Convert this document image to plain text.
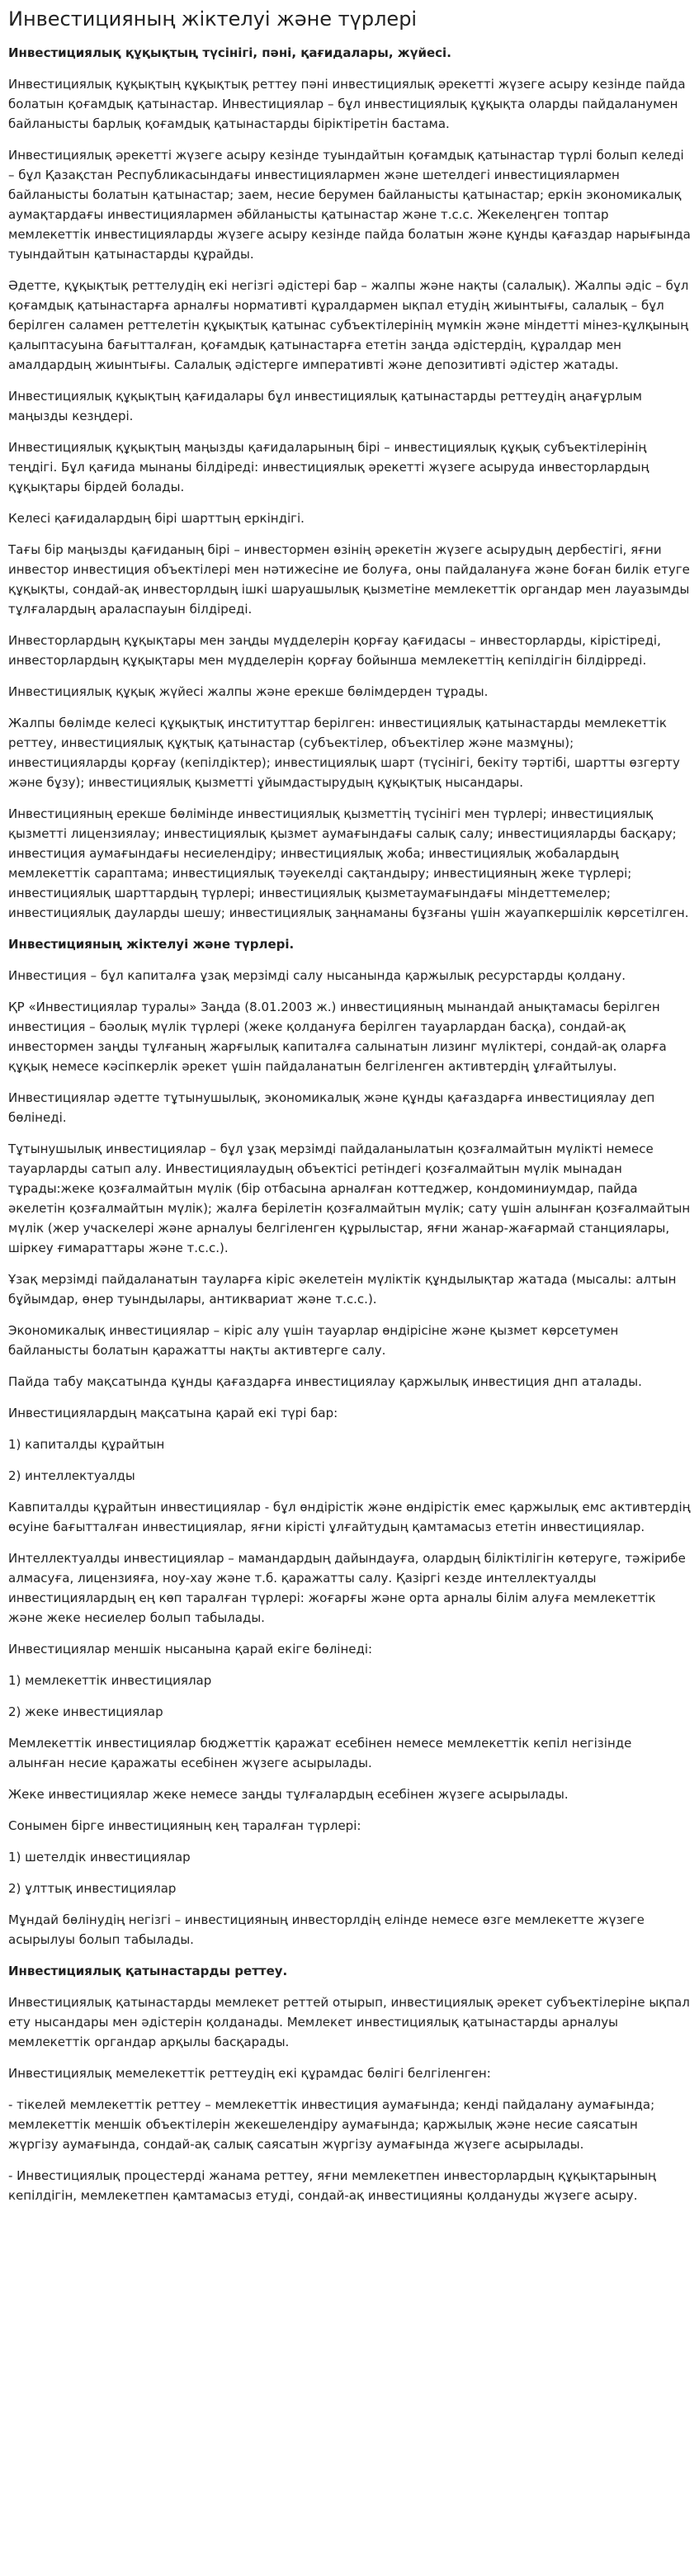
Инвестицияның жіктелуі және түрлері

Инвестициялық құқықтың түсінігі, пәні, қағидалары, жүйесі.

Инвестициялық құқықтың құқықтық реттеу пәні инвестициялық әрекетті жүзеге асыру кезінде пайда болатын қоғамдық қатынастар. Инвестициялар – бұл инвестициялық құқықта оларды пайдаланумен байланысты барлық қоғамдық қатынастарды біріктіретін бастама.

Инвестициялық әрекетті жүзеге асыру кезінде туындайтын қоғамдық қатынастар түрлі болып келеді – бұл Қазақстан Республикасындағы инвестициялармен және шетелдегі инвестициялармен байланысты болатын қатынастар; заем, несие берумен байланысты қатынастар; еркін экономикалық аумақтардағы инвестициялармен әбйланысты қатынастар және т.с.с. Жекелеңген топтар мемлекеттік инвестицияларды жүзеге асыру кезінде пайда болатын және құнды қағаздар нарығында туындайтын қатынастарды құрайды.

Әдетте, құқықтық реттелудің екі негізгі әдістері бар – жалпы және нақты (салалық). Жалпы әдіс – бұл қоғамдық қатынастарға арналғы нормативті құралдармен ықпал етудің жиынтығы, салалық – бұл берілген саламен реттелетін құқықтық қатынас субъектілерінің мүмкін және міндетті мінез-құлқының қалыптасуына бағытталған, қоғамдық қатынастарға ететін заңда әдістердің, құралдар мен амалдардың жиынтығы. Салалық әдістерге императивті және депозитивті әдістер жатады.

Инвестициялық құқықтың қағидалары бұл инвестициялық қатынастарды реттеудің аңағұрлым маңызды кезңдері.

Инвестициялық құқықтың маңызды қағидаларының бірі – инвестициялық құқық субъектілерінің теңдігі. Бұл қағида мынаны білдіреді: инвестициялық әрекетті жүзеге асыруда инвесторлардың құқықтары бірдей болады.

Келесі қағидалардың бірі шарттың еркіндігі.

Тағы бір маңызды қағиданың бірі – инвестормен өзінің әрекетін жүзеге асырудың дербестігі, яғни инвестор инвестиция объектілері мен нәтижесіне ие болуға, оны пайдалануға және боған билік етуге құқықты, сондай-ақ инвесторлдың ішкі шаруашылық қызметіне мемлекеттік органдар мен лауазымды тұлғалардың араласпауын білдіреді.

Инвесторлардың құқықтары мен заңды мүдделерін қорғау қағидасы – инвесторларды, кірістіреді, инвесторлардың құқықтары мен мүдделерін қорғау бойынша мемлекеттің кепілдігін білдірреді.

Инвестициялық құқық жүйесі жалпы және ерекше бөлімдерден тұрады.

Жалпы бөлімде келесі құқықтық институттар берілген: инвестициялық қатынастарды мемлекеттік реттеу, инвестициялық құқтық қатынастар (субъектілер, объектілер және мазмұны); инвестицияларды қорғау (кепілдіктер); инвестициялық шарт (түсінігі, бекіту тәртібі, шартты өзгерту және бұзу); инвестициялық қызметті ұйымдастырудың құқықтық нысандары.

Инвестицияның ерекше бөлімінде инвестициялық қызметтің түсінігі мен түрлері; инвестициялық қызметті лицензиялау; инвестициялық қызмет аумағындағы салық салу; инвестицияларды басқару; инвестиция аумағындағы несиелендіру; инвестициялық жоба; инвестициялық жобалардың мемлекеттік сараптама; инвестициялық тәуекелді сақтандыру; инвестицияның жеке түрлері; инвестициялық шарттардың түрлері; инвестициялық қызметаумағындағы міндеттемелер; инвестициялық дауларды шешу; инвестициялық заңнаманы бұзғаны үшін жауапкершілік көрсетілген.

Инвестицияның жіктелуі және түрлері.

Инвестиция – бұл капиталға ұзақ мерзімді салу нысанында қаржылық ресурстарды қолдану.

ҚР «Инвестициялар туралы» Заңда (8.01.2003 ж.) инвестицияның мынандай анықтамасы берілген инвестиция – бәолық мүлік түрлері (жеке қолдануға берілген тауарлардан басқа), сондай-ақ инвестормен заңды тұлғаның жарғылық капиталға салынатын лизинг мүліктері, сондай-ақ оларға құқық немесе кәсіпкерлік әрекет үшін пайдаланатын белгіленген активтердің ұлғайтылуы.

Инвестициялар әдетте тұтынушылық, экономикалық және құнды қағаздарға инвестициялау деп бөлінеді.

Тұтынушылық инвестициялар – бұл ұзақ мерзімді пайдаланылатын қозғалмайтын мүлікті немесе тауарларды сатып алу. Инвестициялаудың объектісі ретіндегі қозғалмайтын мүлік мынадан тұрады:жеке қозғалмайтын мүлік (бір отбасына арналған коттеджер, кондоминиумдар, пайда әкелетін қозғалмайтын мүлік); жалға берілетін қозғалмайтын мүлік; сату үшін алынған қозғалмайтын мүлік (жер учаскелері және арналуы белгіленген құрылыстар, яғни жанар-жағармай станциялары, шіркеу ғимараттары және т.с.с.).

Ұзақ мерзімді пайдаланатын тауларға кіріс әкелетеін мүліктік құндылықтар жатада (мысалы: алтын бұйымдар, өнер туындылары, антиквариат және т.с.с.).

Экономикалық инвестициялар – кіріс алу үшін тауарлар өндірісіне және қызмет көрсетумен байланысты болатын қаражатты нақты активтерге салу.

Пайда табу мақсатында құнды қағаздарға инвестициялау қаржылық инвестиция днп аталады.

Инвестициялардың мақсатына қарай екі түрі бар:

1) капиталды құрайтын

2) интеллектуалды

Кавпиталды құрайтын инвестициялар - бұл өндірістік және өндірістік емес қаржылық емс активтердің өсуіне бағытталған инвестициялар, яғни кірісті ұлғайтудың қамтамасыз ететін инвестициялар.

Интеллектуалды инвестициялар – мамандардың дайындауға, олардың біліктілігін көтеруге, тәжірибе алмасуға, лицензияға, ноу-хау және т.б. қаражатты салу. Қазіргі кезде интеллектуалды инвестициялардың ең көп таралған түрлері: жоғарғы және орта арналы білім алуға мемлекеттік және жеке несиелер болып табылады.

Инвестициялар меншік нысанына қарай екіге бөлінеді:

1) мемлекеттік инвестициялар

2) жеке инвестициялар

Мемлекеттік инвестициялар бюджеттік қаражат есебінен немесе мемлекеттік кепіл негізінде алынған несие қаражаты есебінен жүзеге асырылады.

Жеке инвестициялар жеке немесе заңды тұлғалардың есебінен жүзеге асырылады.

Сонымен бірге инвестицияның кең таралған түрлері:

1) шетелдік инвестициялар

2) ұлттық инвестициялар

Мұндай бөлінудің негізгі – инвестицияның инвесторлдің елінде немесе өзге мемлекетте жүзеге асырылуы болып табылады.

Инвестициялық қатынастарды реттеу.

Инвестициялық қатынастарды мемлекет реттей отырып, инвестициялық әрекет субъектілеріне ықпал ету нысандары мен әдістерін қолданады. Мемлекет инвестициялық қатынастарды арналуы мемлекеттік органдар арқылы басқарады.

Инвестициялық мемелекеттік реттеудің екі құрамдас бөлігі белгіленген:

- тікелей мемлекеттік реттеу – мемлекеттік инвестиция аумағында; кенді пайдалану аумағында; мемлекеттік меншік объектілерін жекешелендіру аумағында; қаржылық және несие саясатын жүргізу аумағында, сондай-ақ салық саясатын жүргізу аумағында жүзеге асырылады.

- Инвестициялық процестерді жанама реттеу, яғни мемлекетпен инвесторлардың құқықтарының кепілдігін, мемлекетпен қамтамасыз етуді, сондай-ақ инвестицияны қолдануды жүзеге асыру.
